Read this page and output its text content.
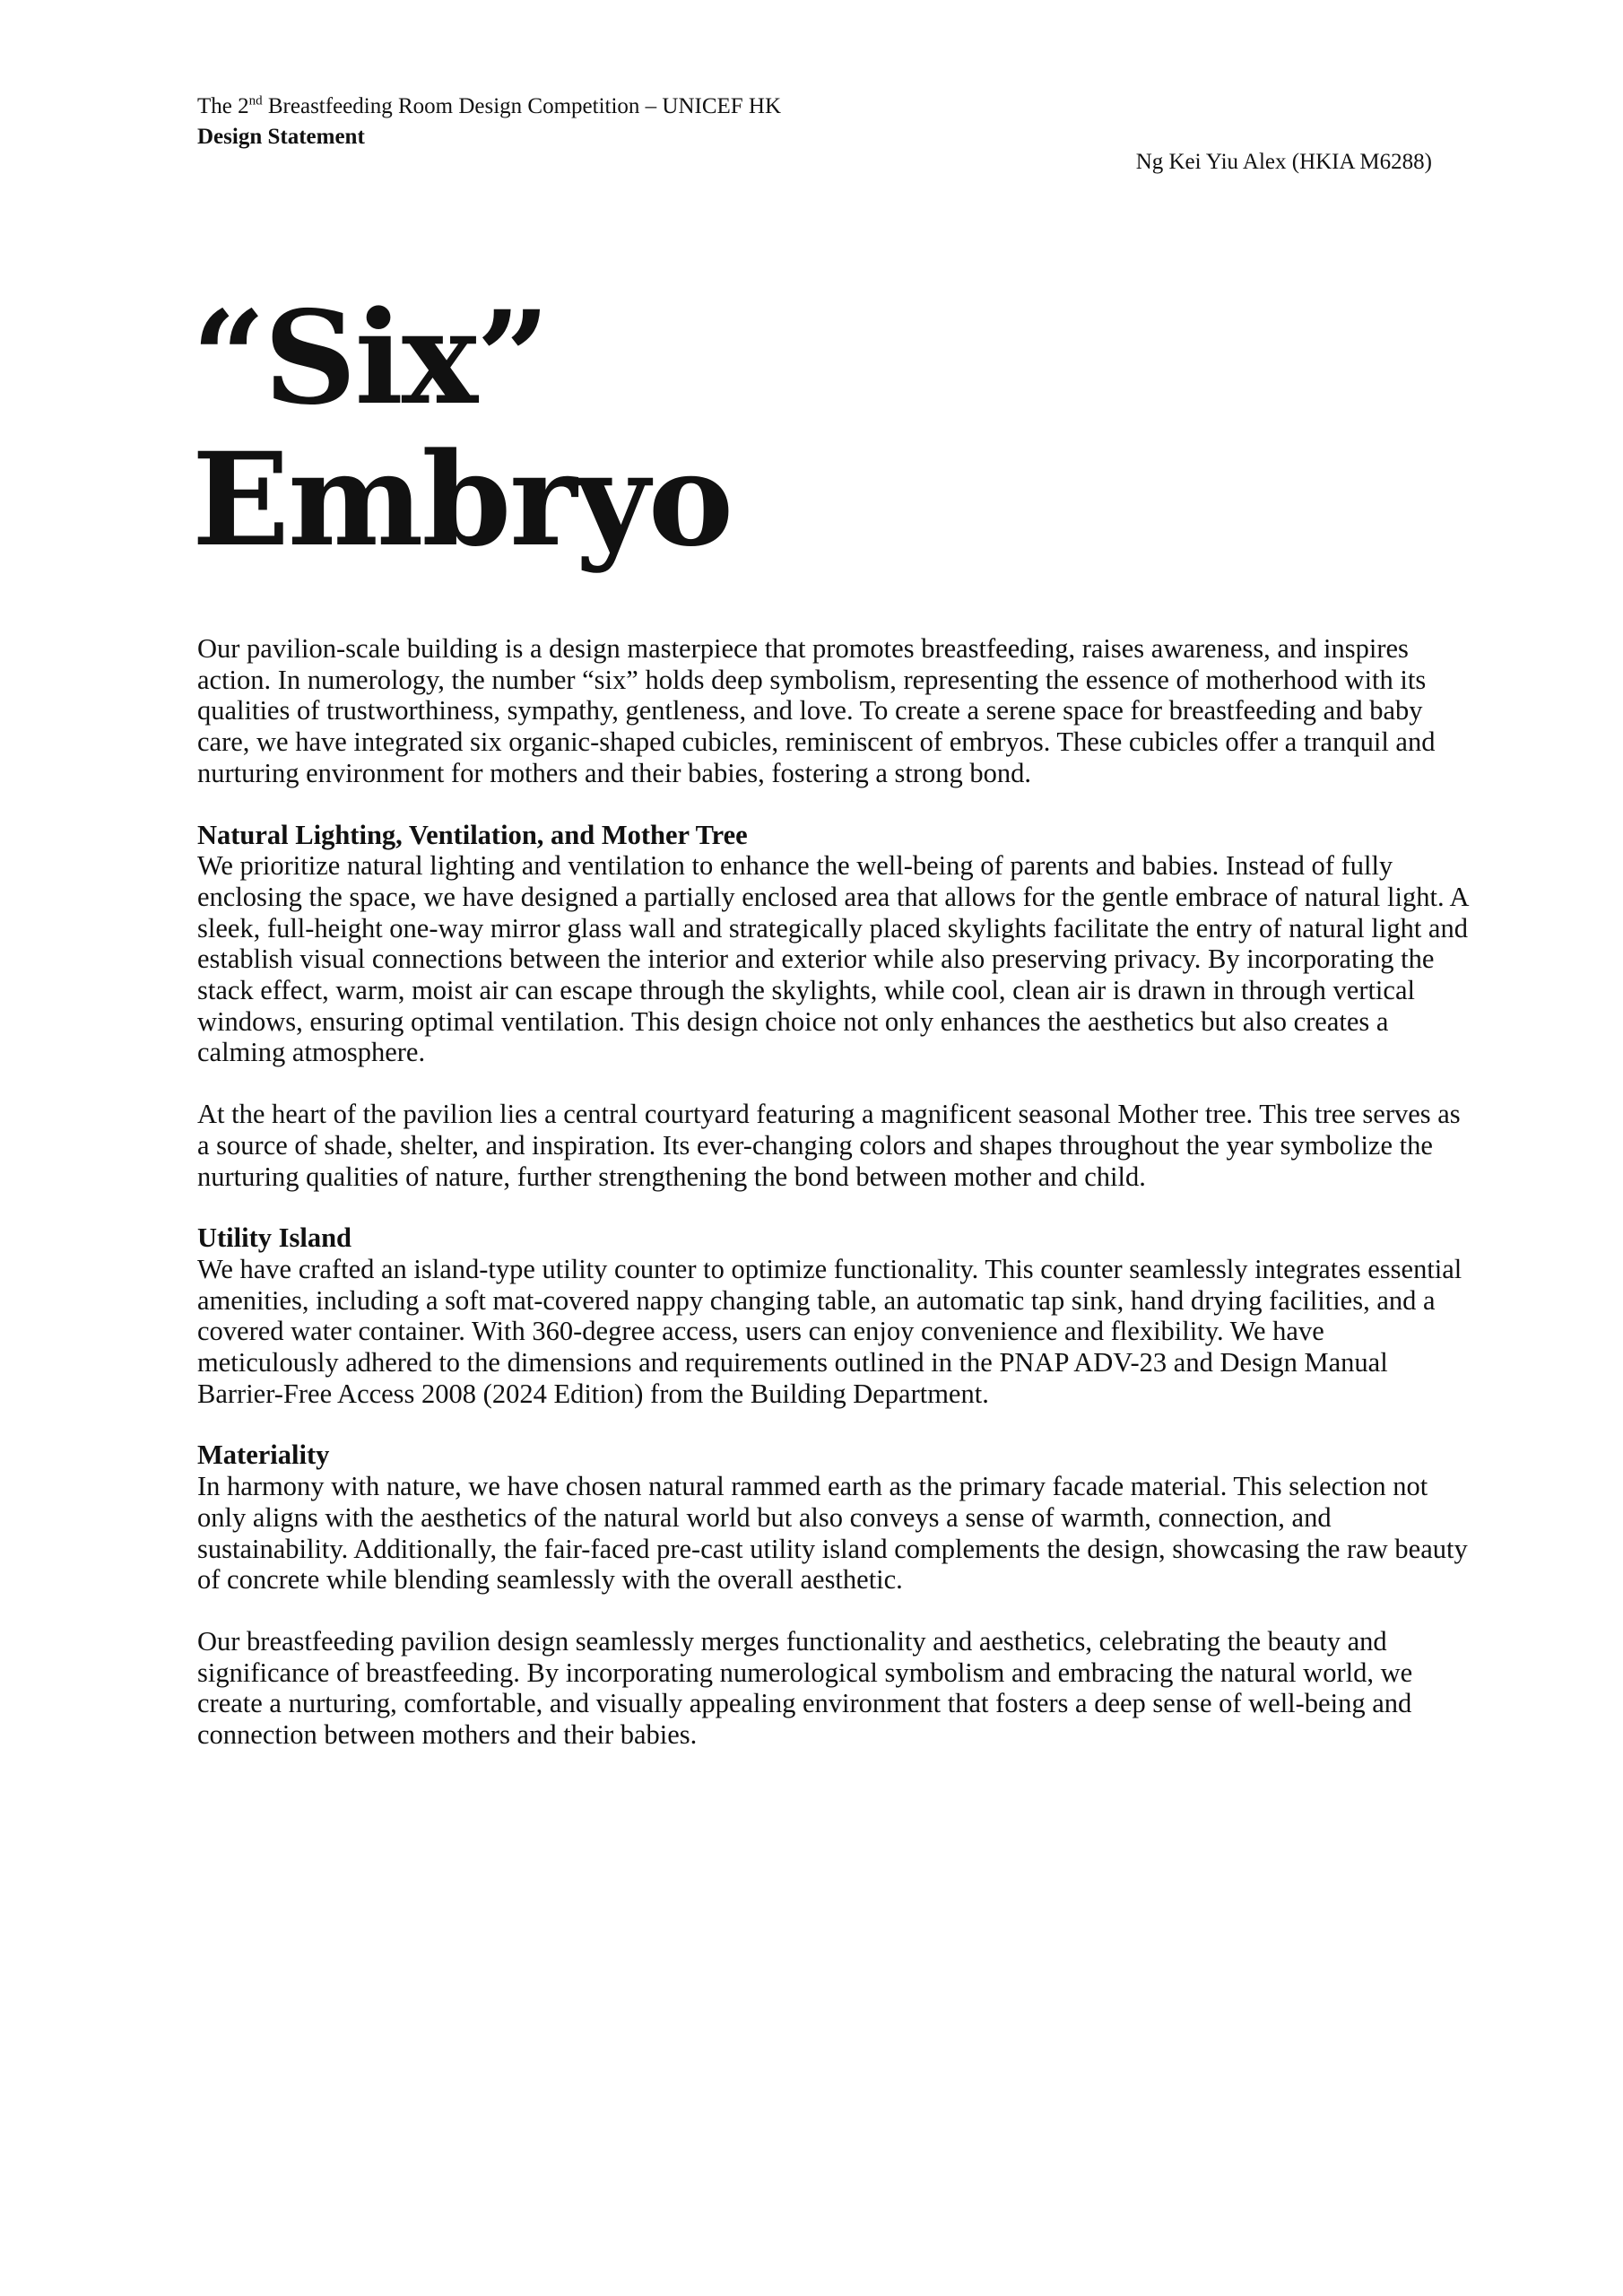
The 2nd Breastfeeding Room Design Competition – UNICEF HK
Design Statement
Ng Kei Yiu Alex (HKIA M6288)
“Six”
Embryo

Our pavilion-scale building is a design masterpiece that promotes breastfeeding, raises awareness, and inspires action. In numerology, the number “six” holds deep symbolism, representing the essence of motherhood with its qualities of trustworthiness, sympathy, gentleness, and love. To create a serene space for breastfeeding and baby care, we have integrated six organic-shaped cubicles, reminiscent of embryos. These cubicles offer a tranquil and nurturing environment for mothers and their babies, fostering a strong bond.

Natural Lighting, Ventilation, and Mother Tree

We prioritize natural lighting and ventilation to enhance the well-being of parents and babies. Instead of fully enclosing the space, we have designed a partially enclosed area that allows for the gentle embrace of natural light. A sleek, full-height one-way mirror glass wall and strategically placed skylights facilitate the entry of natural light and establish visual connections between the interior and exterior while also preserving privacy. By incorporating the stack effect, warm, moist air can escape through the skylights, while cool, clean air is drawn in through vertical windows, ensuring optimal ventilation. This design choice not only enhances the aesthetics but also creates a calming atmosphere.

At the heart of the pavilion lies a central courtyard featuring a magnificent seasonal Mother tree. This tree serves as a source of shade, shelter, and inspiration. Its ever-changing colors and shapes throughout the year symbolize the nurturing qualities of nature, further strengthening the bond between mother and child.

Utility Island

We have crafted an island-type utility counter to optimize functionality. This counter seamlessly integrates essential amenities, including a soft mat-covered nappy changing table, an automatic tap sink, hand drying facilities, and a covered water container. With 360-degree access, users can enjoy convenience and flexibility. We have meticulously adhered to the dimensions and requirements outlined in the PNAP ADV-23 and Design Manual Barrier-Free Access 2008 (2024 Edition) from the Building Department.

Materiality

In harmony with nature, we have chosen natural rammed earth as the primary facade material. This selection not only aligns with the aesthetics of the natural world but also conveys a sense of warmth, connection, and sustainability. Additionally, the fair-faced pre-cast utility island complements the design, showcasing the raw beauty of concrete while blending seamlessly with the overall aesthetic.

Our breastfeeding pavilion design seamlessly merges functionality and aesthetics, celebrating the beauty and significance of breastfeeding. By incorporating numerological symbolism and embracing the natural world, we create a nurturing, comfortable, and visually appealing environment that fosters a deep sense of well-being and connection between mothers and their babies.
